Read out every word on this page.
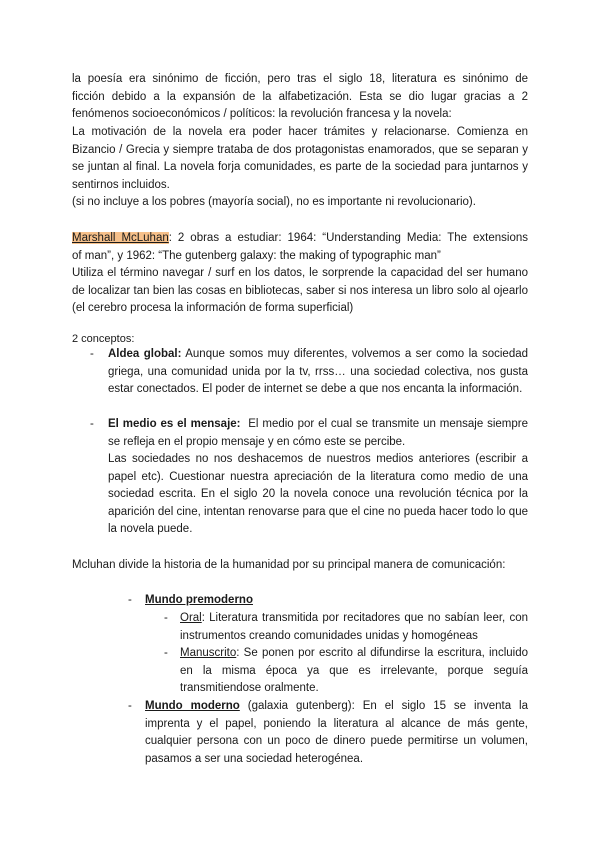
la poesía era sinónimo de ficción, pero tras el siglo 18, literatura es sinónimo de
ficción debido a la expansión de la alfabetización. Esta se dio lugar gracias a 2
fenómenos socioeconómicos / políticos: la revolución francesa y la novela:
La motivación de la novela era poder hacer trámites y relacionarse. Comienza en Bizancio / Grecia y siempre trataba de dos protagonistas enamorados, que se separan y se juntan al final. La novela forja comunidades, es parte de la sociedad para juntarnos y sentirnos incluidos.
(si no incluye a los pobres (mayoría social), no es importante ni revolucionario).
Marshall McLuhan: 2 obras a estudiar: 1964: “Understanding Media: The extensions
of man”, y 1962: “The gutenberg galaxy: the making of typographic man”
Utiliza el término navegar / surf en los datos, le sorprende la capacidad del ser humano de localizar tan bien las cosas en bibliotecas, saber si nos interesa un libro solo al ojearlo (el cerebro procesa la información de forma superficial)
2 conceptos:
-	Aldea global: Aunque somos muy diferentes, volvemos a ser como la sociedad griega, una comunidad unida por la tv, rrss… una sociedad colectiva, nos gusta estar conectados. El poder de internet se debe a que nos encanta la información.
-	El medio es el mensaje: El medio por el cual se transmite un mensaje siempre se refleja en el propio mensaje y en cómo este se percibe.
Las sociedades no nos deshacemos de nuestros medios anteriores (escribir a papel etc). Cuestionar nuestra apreciación de la literatura como medio de una sociedad escrita. En el siglo 20 la novela conoce una revolución técnica por la aparición del cine, intentan renovarse para que el cine no pueda hacer todo lo que la novela puede.
Mcluhan divide la historia de la humanidad por su principal manera de comunicación:
-	Mundo premoderno
-	Oral: Literatura transmitida por recitadores que no sabían leer, con instrumentos creando comunidades unidas y homogéneas
-	Manuscrito: Se ponen por escrito al difundirse la escritura, incluido en la misma época ya que es irrelevante, porque seguía transmitiendose oralmente.
-	Mundo moderno (galaxia gutenberg): En el siglo 15 se inventa la imprenta y el papel, poniendo la literatura al alcance de más gente, cualquier persona con un poco de dinero puede permitirse un volumen, pasamos a ser una sociedad heterogénea.
